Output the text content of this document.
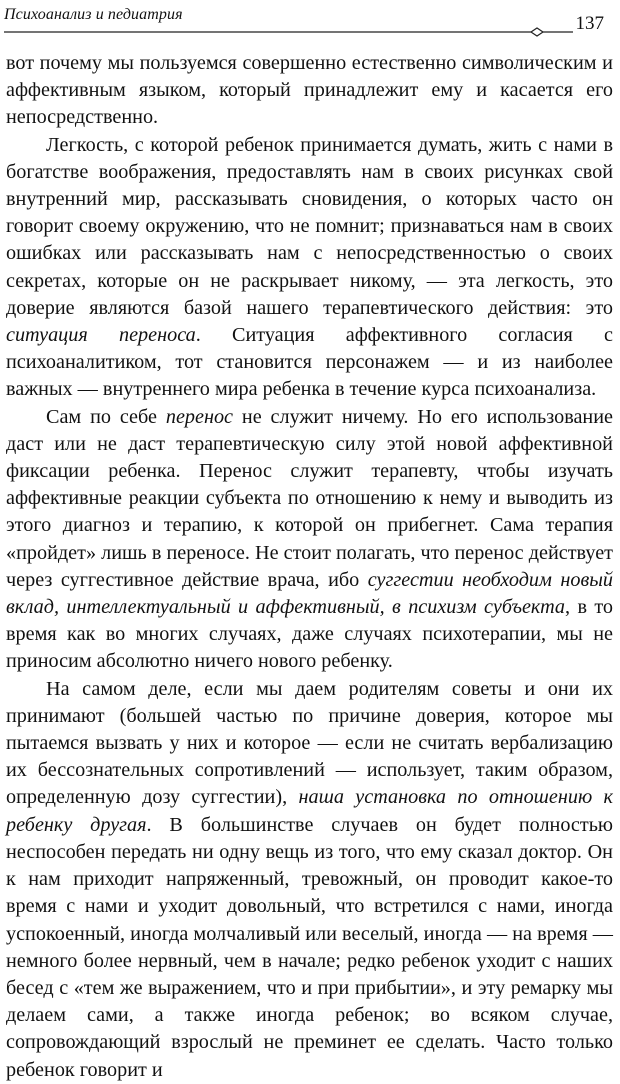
Психоанализ и педиатрия	137

вот почему мы пользуемся совершенно естественно символическим и аффективным языком, который принадлежит ему и касается его непосредственно.

Легкость, с которой ребенок принимается думать, жить с нами в богатстве воображения, предоставлять нам в своих рисунках свой внутренний мир, рассказывать сновидения, о которых часто он говорит своему окружению, что не помнит; признаваться нам в своих ошибках или рассказывать нам с непосредственностью о своих секретах, которые он не раскрывает никому, — эта легкость, это доверие являются базой нашего терапевтического действия: это ситуация переноса. Ситуация аффективного согласия с психоаналитиком, тот становится персонажем — и из наиболее важных — внутреннего мира ребенка в течение курса психоанализа.

Сам по себе перенос не служит ничему. Но его использование даст или не даст терапевтическую силу этой новой аффективной фиксации ребенка. Перенос служит терапевту, чтобы изучать аффективные реакции субъекта по отношению к нему и выводить из этого диагноз и терапию, к которой он прибегнет. Сама терапия «пройдет» лишь в переносе. Не стоит полагать, что перенос действует через суггестивное действие врача, ибо суггестии необходим новый вклад, интеллектуальный и аффективный, в психизм субъекта, в то время как во многих случаях, даже случаях психотерапии, мы не приносим абсолютно ничего нового ребенку.

На самом деле, если мы даем родителям советы и они их принимают (большей частью по причине доверия, которое мы пытаемся вызвать у них и которое — если не считать вербализацию их бессознательных сопротивлений — использует, таким образом, определенную дозу суггестии), наша установка по отношению к ребенку другая. В большинстве случаев он будет полностью неспособен передать ни одну вещь из того, что ему сказал доктор. Он к нам приходит напряженный, тревожный, он проводит какое-то время с нами и уходит довольный, что встретился с нами, иногда успокоенный, иногда молчаливый или веселый, иногда — на время — немного более нервный, чем в начале; редко ребенок уходит с наших бесед с «тем же выражением, что и при прибытии», и эту ремарку мы делаем сами, а также иногда ребенок; во всяком случае, сопровождающий взрослый не преминет ее сделать. Часто только ребенок говорит и
